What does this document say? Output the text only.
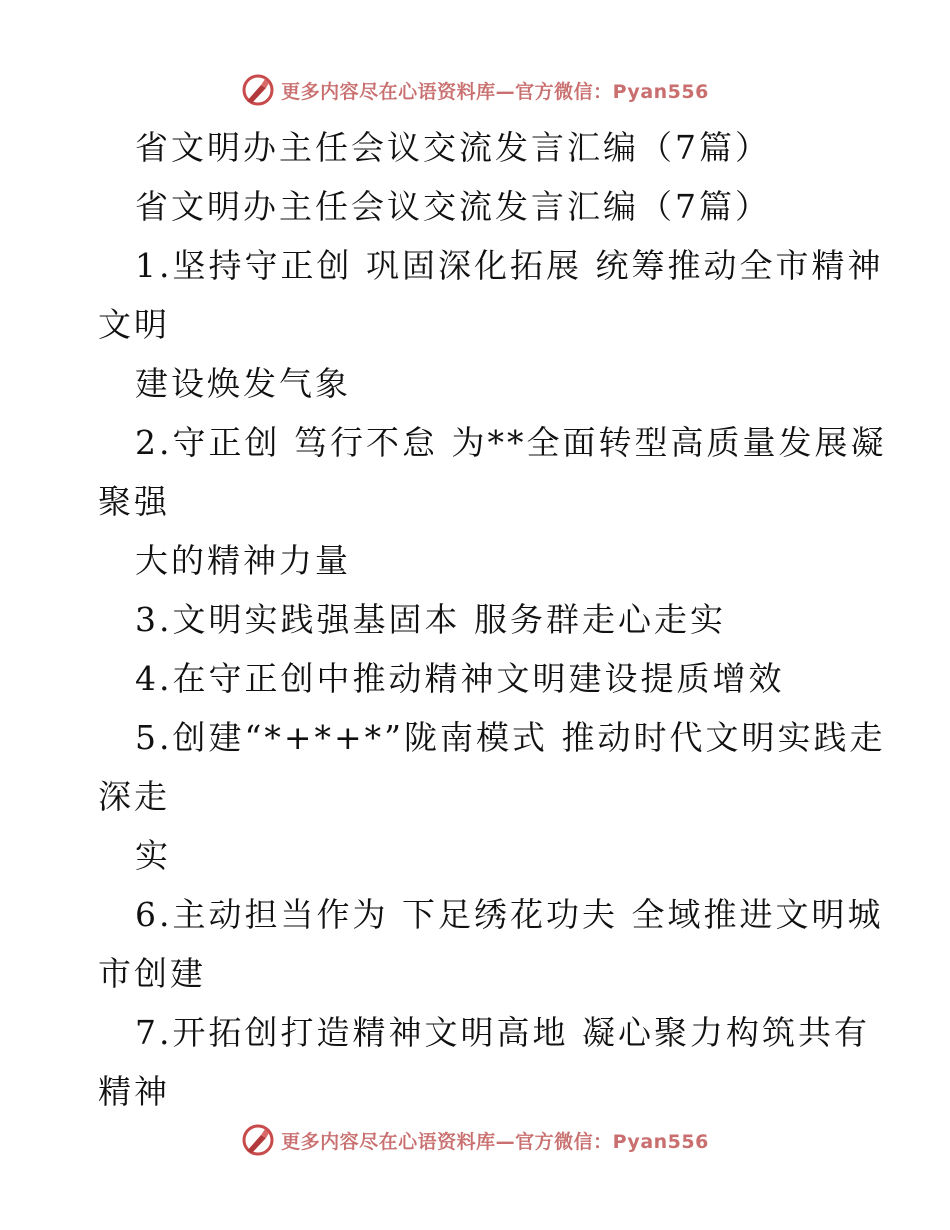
更多内容尽在心语资料库—官方微信：Pyan556
省文明办主任会议交流发言汇编（7篇）
省文明办主任会议交流发言汇编（7篇）
1.坚持守正创 巩固深化拓展 统筹推动全市精神
文明
建设焕发气象
2.守正创 笃行不怠 为**全面转型高质量发展凝
聚强
大的精神力量
3.文明实践强基固本 服务群走心走实
4.在守正创中推动精神文明建设提质增效
5.创建“*+*+*”陇南模式 推动时代文明实践走
深走
实
6.主动担当作为 下足绣花功夫 全域推进文明城
市创建
7.开拓创打造精神文明高地 凝心聚力构筑共有
精神
更多内容尽在心语资料库—官方微信：Pyan556
